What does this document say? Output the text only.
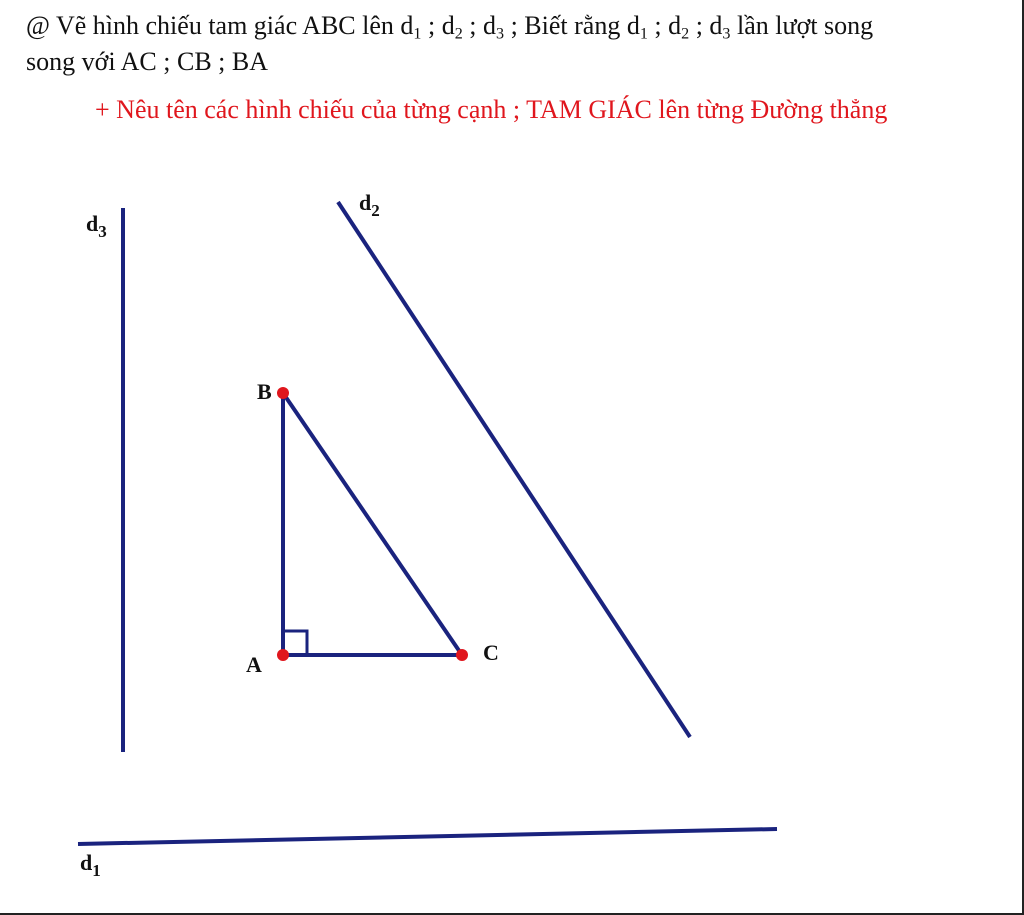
@ Vẽ hình chiếu tam giác ABC lên $d_1$ ; $d_2$ ; $d_3$ ; Biết rằng $d_1$ ; $d_2$ ; $d_3$ lần lượt song
song với AC ; CB ; BA
+ Nêu tên các hình chiếu của từng cạnh ; TAM GIÁC lên từng Đường thẳng
B
A	C
$d_3$
$d_2$
$d_1$
